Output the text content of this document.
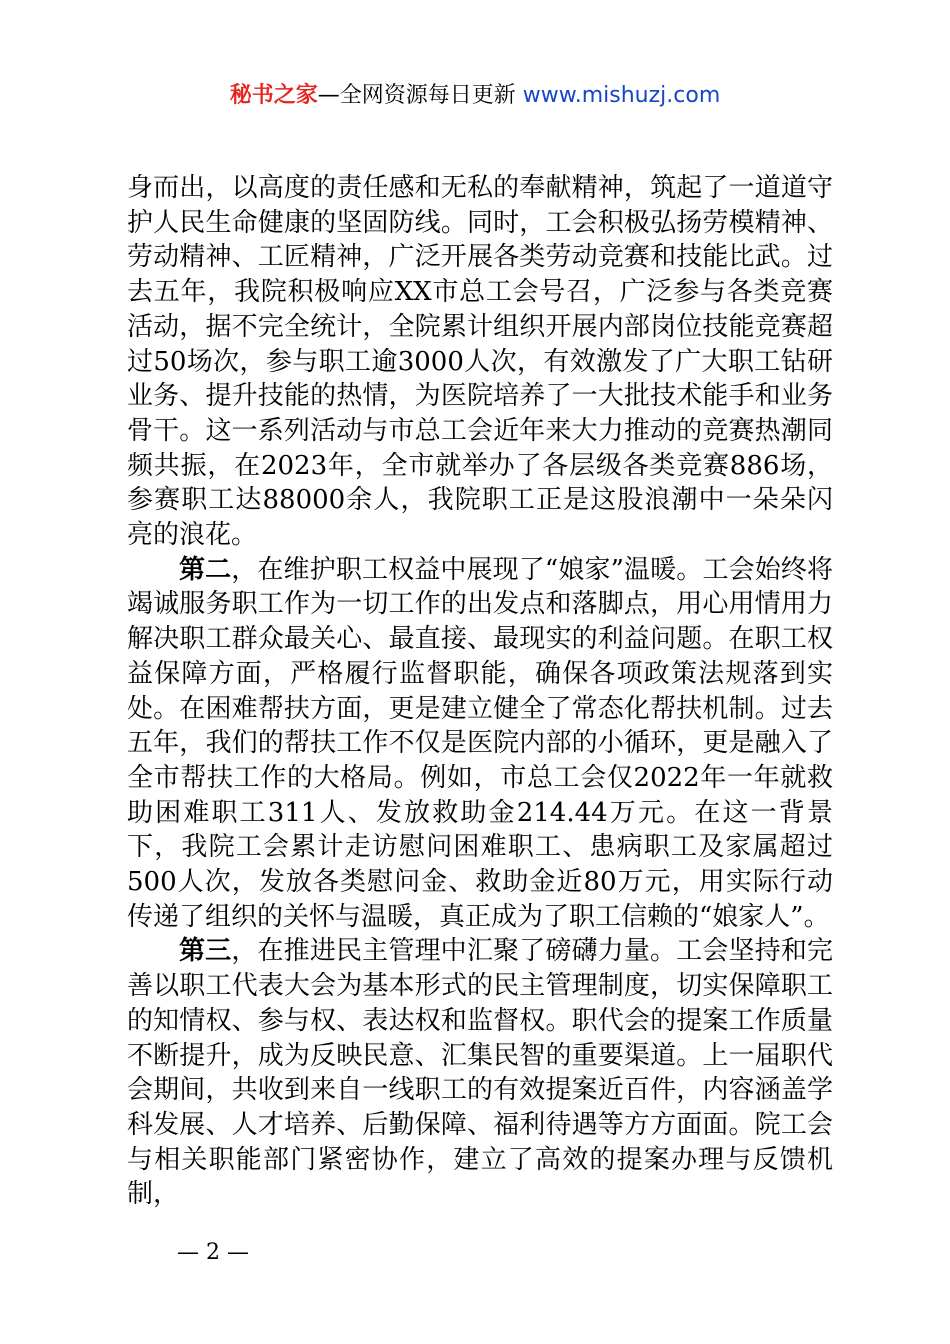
秘书之家—全网资源每日更新 www.mishuzj.com

身而出，以高度的责任感和无私的奉献精神，筑起了一道道守护人民生命健康的坚固防线。同时，工会积极弘扬劳模精神、劳动精神、工匠精神，广泛开展各类劳动竞赛和技能比武。过去五年，我院积极响应XX市总工会号召，广泛参与各类竞赛活动，据不完全统计，全院累计组织开展内部岗位技能竞赛超过50场次，参与职工逾3000人次，有效激发了广大职工钻研业务、提升技能的热情，为医院培养了一大批技术能手和业务骨干。这一系列活动与市总工会近年来大力推动的竞赛热潮同频共振，在2023年，全市就举办了各层级各类竞赛886场，参赛职工达88000余人，我院职工正是这股浪潮中一朵朵闪亮的浪花。

第二，在维护职工权益中展现了“娘家”温暖。工会始终将竭诚服务职工作为一切工作的出发点和落脚点，用心用情用力解决职工群众最关心、最直接、最现实的利益问题。在职工权益保障方面，严格履行监督职能，确保各项政策法规落到实处。在困难帮扶方面，更是建立健全了常态化帮扶机制。过去五年，我们的帮扶工作不仅是医院内部的小循环，更是融入了全市帮扶工作的大格局。例如，市总工会仅2022年一年就救助困难职工311人、发放救助金214.44万元。在这一背景下，我院工会累计走访慰问困难职工、患病职工及家属超过500人次，发放各类慰问金、救助金近80万元，用实际行动传递了组织的关怀与温暖，真正成为了职工信赖的“娘家人”。

第三，在推进民主管理中汇聚了磅礴力量。工会坚持和完善以职工代表大会为基本形式的民主管理制度，切实保障职工的知情权、参与权、表达权和监督权。职代会的提案工作质量不断提升，成为反映民意、汇集民智的重要渠道。上一届职代会期间，共收到来自一线职工的有效提案近百件，内容涵盖学科发展、人才培养、后勤保障、福利待遇等方方面面。院工会与相关职能部门紧密协作，建立了高效的提案办理与反馈机制，

— 2 —
